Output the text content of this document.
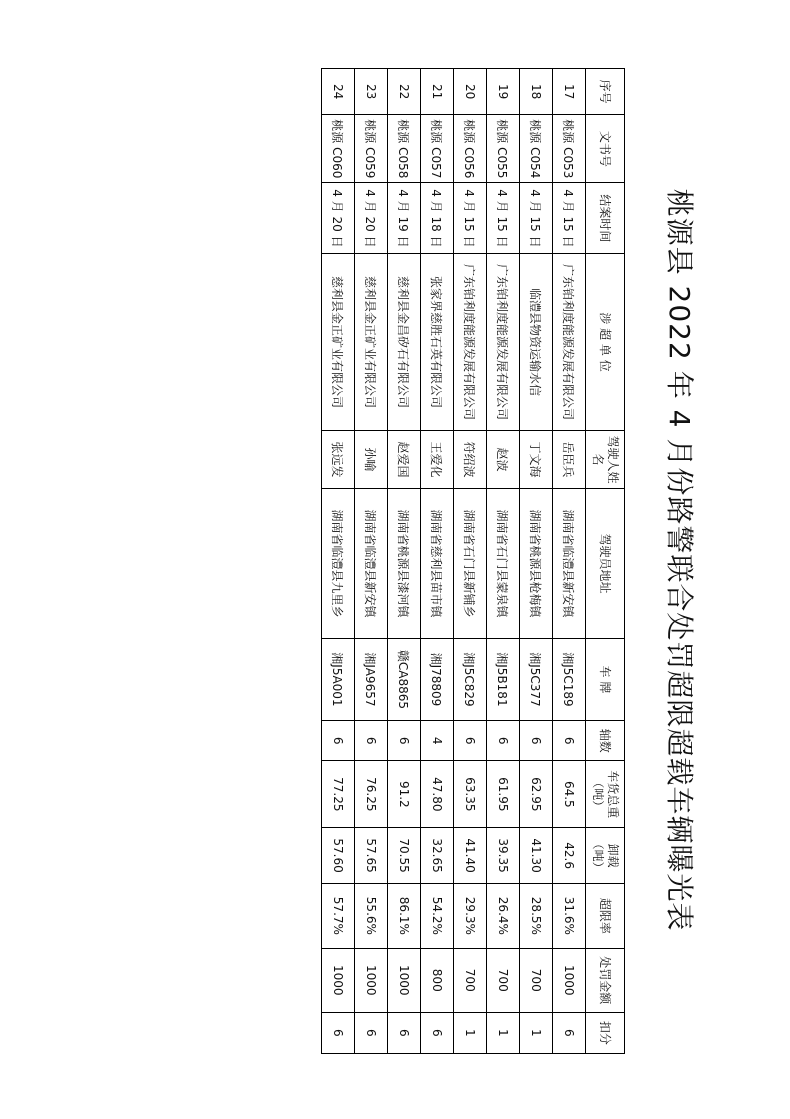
桃源县 2022 年 4 月份路警联合处罚超限超载车辆曝光表
序号	文书号	结案时间	涉 超 单 位	驾驶人姓名	驾驶员地址	车 牌	轴数	车货总重（吨）	卸载（吨）	超限率	处罚金额	扣分
17	桃源 C053	4 月 15 日	广东铂利度能源发展有限公司	岳臣兵	湖南省临澧县新安镇	湘J5C189	6	64.5	42.6	31.6%	1000	6
18	桃源 C054	4 月 15 日	临澧县物资运输水信	丁文海	湖南省桃源县枪梅镇	湘J5C377	6	62.95	41.30	28.5%	700	1
19	桃源 C055	4 月 15 日	广东铂利度能源发展有限公司	赵波	湖南省石门县蒙泉镇	湘J5B181	6	61.95	39.35	26.4%	700	1
20	桃源 C056	4 月 15 日	广东铂利度能源发展有限公司	符绍波	湖南省石门县新铺乡	湘J5C829	6	63.35	41.40	29.3%	700	1
21	桃源 C057	4 月 18 日	张家界慈胜石英有限公司	王爱化	湖南省慈利县苗市镇	湘J78809	4	47.80	32.65	54.2%	800	6
22	桃源 C058	4 月 19 日	慈利县金昌矽石有限公司	赵爱国	湖南省桃源县漆河镇	赣CA8865	6	91.2	70.55	86.1%	1000	6
23	桃源 C059	4 月 20 日	慈利县金正矿业有限公司	孙喻	湖南省临澧县新安镇	湘JA9657	6	76.25	57.65	55.6%	1000	6
24	桃源 C060	4 月 20 日	慈利县金正矿业有限公司	张远发	湖南省临澧县九里乡	湘J5A001	6	77.25	57.60	57.7%	1000	6
